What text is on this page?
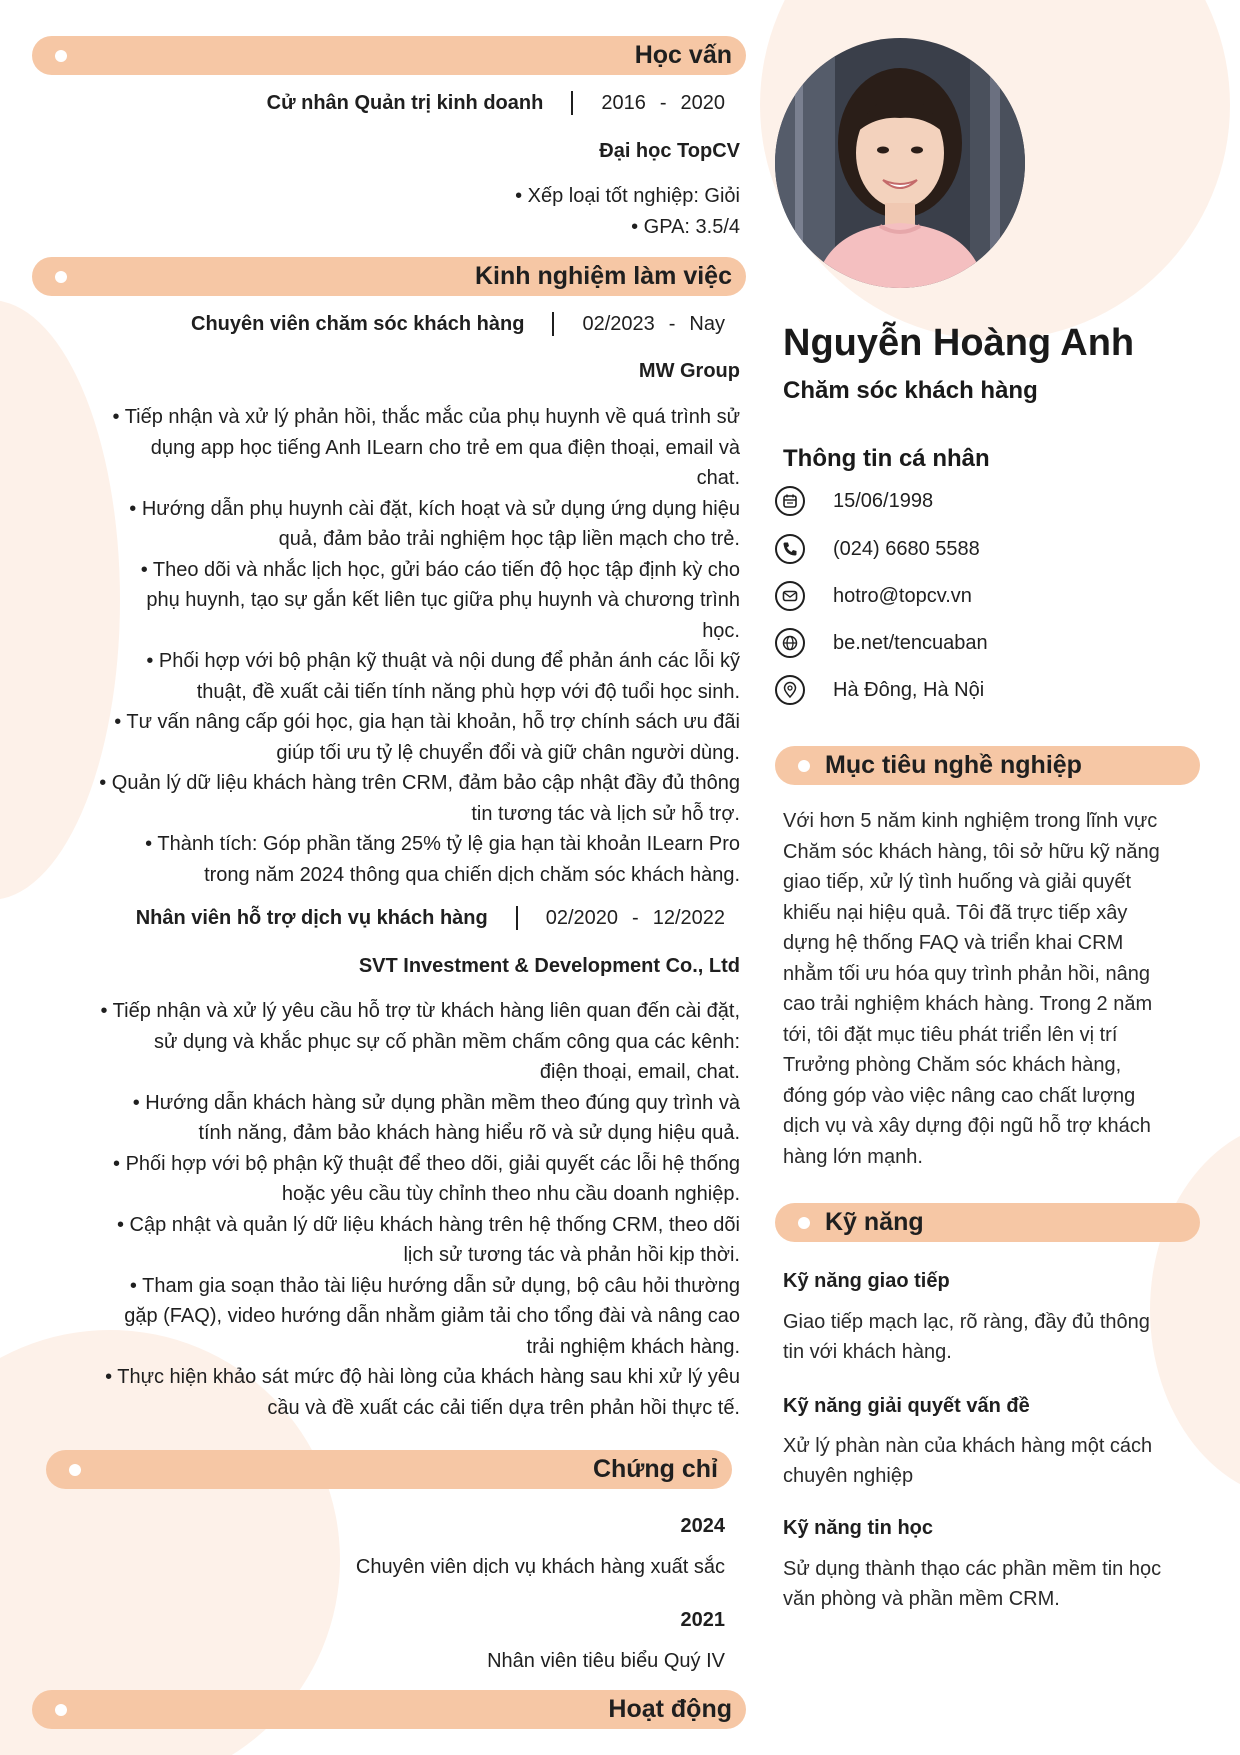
Học vấn
Cử nhân Quản trị kinh doanh	2016 - 2020
Đại học TopCV

• Xếp loại tốt nghiệp: Giỏi

• GPA: 3.5/4

Kinh nghiệm làm việc
Chuyên viên chăm sóc khách hàng	02/2023 - Nay
MW Group

• Tiếp nhận và xử lý phản hồi, thắc mắc của phụ huynh về quá trình sử

dụng app học tiếng Anh ILearn cho trẻ em qua điện thoại, email và

chat.

• Hướng dẫn phụ huynh cài đặt, kích hoạt và sử dụng ứng dụng hiệu

quả, đảm bảo trải nghiệm học tập liền mạch cho trẻ.

• Theo dõi và nhắc lịch học, gửi báo cáo tiến độ học tập định kỳ cho

phụ huynh, tạo sự gắn kết liên tục giữa phụ huynh và chương trình

học.

• Phối hợp với bộ phận kỹ thuật và nội dung để phản ánh các lỗi kỹ

thuật, đề xuất cải tiến tính năng phù hợp với độ tuổi học sinh.

• Tư vấn nâng cấp gói học, gia hạn tài khoản, hỗ trợ chính sách ưu đãi

giúp tối ưu tỷ lệ chuyển đổi và giữ chân người dùng.

• Quản lý dữ liệu khách hàng trên CRM, đảm bảo cập nhật đầy đủ thông

tin tương tác và lịch sử hỗ trợ.

• Thành tích: Góp phần tăng 25% tỷ lệ gia hạn tài khoản ILearn Pro

trong năm 2024 thông qua chiến dịch chăm sóc khách hàng.

Nhân viên hỗ trợ dịch vụ khách hàng	02/2020 - 12/2022
SVT Investment & Development Co., Ltd

• Tiếp nhận và xử lý yêu cầu hỗ trợ từ khách hàng liên quan đến cài đặt,

sử dụng và khắc phục sự cố phần mềm chấm công qua các kênh:

điện thoại, email, chat.

• Hướng dẫn khách hàng sử dụng phần mềm theo đúng quy trình và

tính năng, đảm bảo khách hàng hiểu rõ và sử dụng hiệu quả.

• Phối hợp với bộ phận kỹ thuật để theo dõi, giải quyết các lỗi hệ thống

hoặc yêu cầu tùy chỉnh theo nhu cầu doanh nghiệp.

• Cập nhật và quản lý dữ liệu khách hàng trên hệ thống CRM, theo dõi

lịch sử tương tác và phản hồi kịp thời.

• Tham gia soạn thảo tài liệu hướng dẫn sử dụng, bộ câu hỏi thường

gặp (FAQ), video hướng dẫn nhằm giảm tải cho tổng đài và nâng cao

trải nghiệm khách hàng.

• Thực hiện khảo sát mức độ hài lòng của khách hàng sau khi xử lý yêu

cầu và đề xuất các cải tiến dựa trên phản hồi thực tế.

Chứng chỉ
2024
Chuyên viên dịch vụ khách hàng xuất sắc
2021
Nhân viên tiêu biểu Quý IV
Hoạt động
Nguyễn Hoàng Anh
Chăm sóc khách hàng
Thông tin cá nhân
15/06/1998
(024) 6680 5588
hotro@topcv.vn
be.net/tencuaban
Hà Đông, Hà Nội
Mục tiêu nghề nghiệp
Với hơn 5 năm kinh nghiệm trong lĩnh vực
Chăm sóc khách hàng, tôi sở hữu kỹ năng
giao tiếp, xử lý tình huống và giải quyết
khiếu nại hiệu quả. Tôi đã trực tiếp xây
dựng hệ thống FAQ và triển khai CRM
nhằm tối ưu hóa quy trình phản hồi, nâng
cao trải nghiệm khách hàng. Trong 2 năm
tới, tôi đặt mục tiêu phát triển lên vị trí
Trưởng phòng Chăm sóc khách hàng,
đóng góp vào việc nâng cao chất lượng
dịch vụ và xây dựng đội ngũ hỗ trợ khách
hàng lớn mạnh.
Kỹ năng
Kỹ năng giao tiếp
Giao tiếp mạch lạc, rõ ràng, đầy đủ thông
tin với khách hàng.
Kỹ năng giải quyết vấn đề
Xử lý phàn nàn của khách hàng một cách
chuyên nghiệp
Kỹ năng tin học
Sử dụng thành thạo các phần mềm tin học
văn phòng và phần mềm CRM.
